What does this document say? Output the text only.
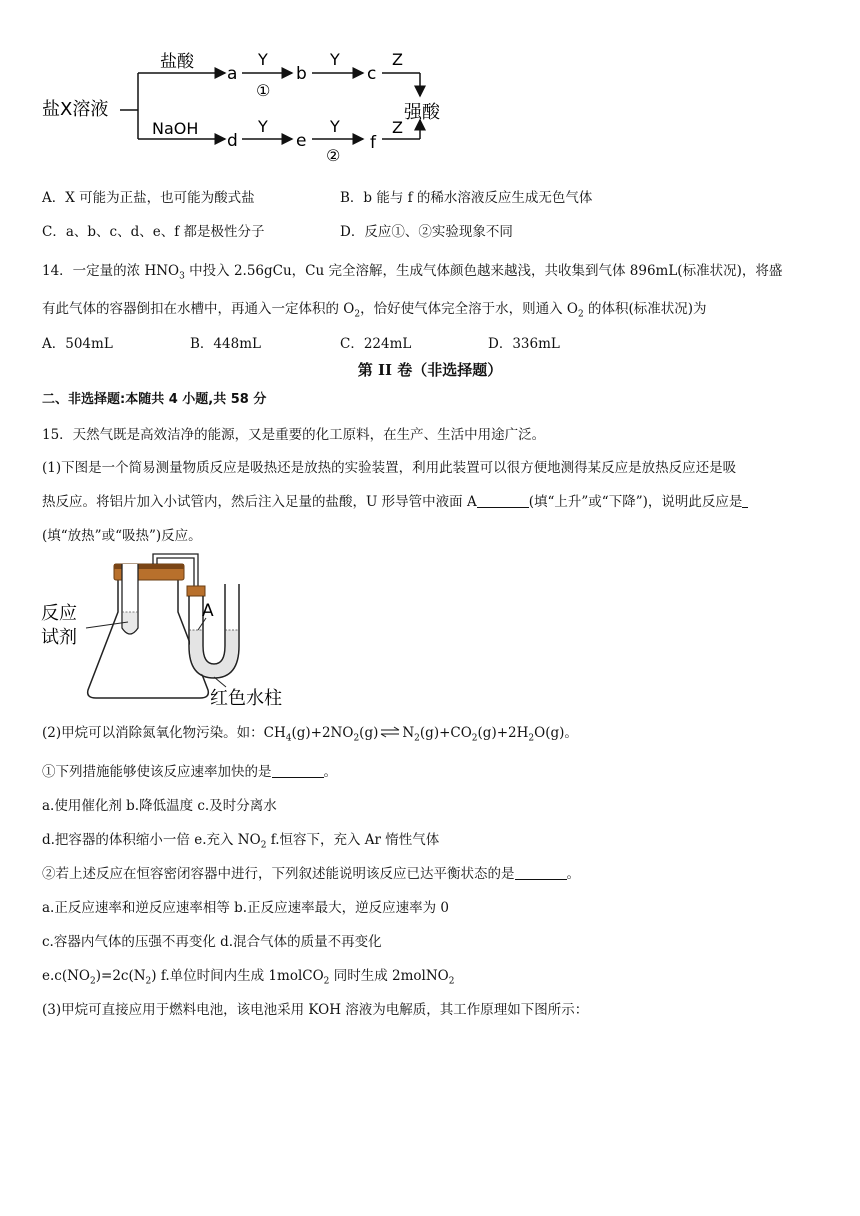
盐X溶液
盐酸
NaOH
a
Y
①
b
Y
c
Z
强酸
d
Y
e
Y
②
f
Z
A．X 可能为正盐，也可能为酸式盐	B．b 能与 f 的稀水溶液反应生成无色气体
C．a、b、c、d、e、f 都是极性分子	D．反应①、②实验现象不同
14．一定量的浓 $HNO_3$ 中投入 2.56gCu，Cu 完全溶解，生成气体颜色越来越浅，共收集到气体 896mL(标准状况)，将盛
有此气体的容器倒扣在水槽中，再通入一定体积的 $O_2$，恰好使气体完全溶于水，则通入 $O_2$ 的体积(标准状况)为
A．504mL	B．448mL	C．224mL	D．336mL
第 II 卷（非选择题）
二、非选择题:本随共 4 小题,共 58 分
15．天然气既是高效洁净的能源，又是重要的化工原料，在生产、生活中用途广泛。
(1)下图是一个简易测量物质反应是吸热还是放热的实验装置，利用此装置可以很方便地测得某反应是放热反应还是吸
热反应。将铝片加入小试管内，然后注入足量的盐酸，U 形导管中液面 A	(填“上升”或“下降”)，说明此反应是
(填“放热”或“吸热”)反应。
A
反应
试剂
红色水柱
(2)甲烷可以消除氮氧化物污染。如：$CH_4(g)+2NO_2(g)\rightleftharpoons N_2(g)+CO_2(g)+2H_2O(g)$。
①下列措施能够使该反应速率加快的是	。
a.使用催化剂 b.降低温度 c.及时分离水
d.把容器的体积缩小一倍 e.充入 $NO_2$ f.恒容下，充入 Ar 惰性气体
②若上述反应在恒容密闭容器中进行，下列叙述能说明该反应已达平衡状态的是	。
a.正反应速率和逆反应速率相等 b.正反应速率最大，逆反应速率为 0
c.容器内气体的压强不再变化 d.混合气体的质量不再变化
$e.c(NO_2)=2c(N_2)$ f.单位时间内生成 1molCO$_2$ 同时生成 2molNO$_2$
(3)甲烷可直接应用于燃料电池，该电池采用 KOH 溶液为电解质，其工作原理如下图所示：
